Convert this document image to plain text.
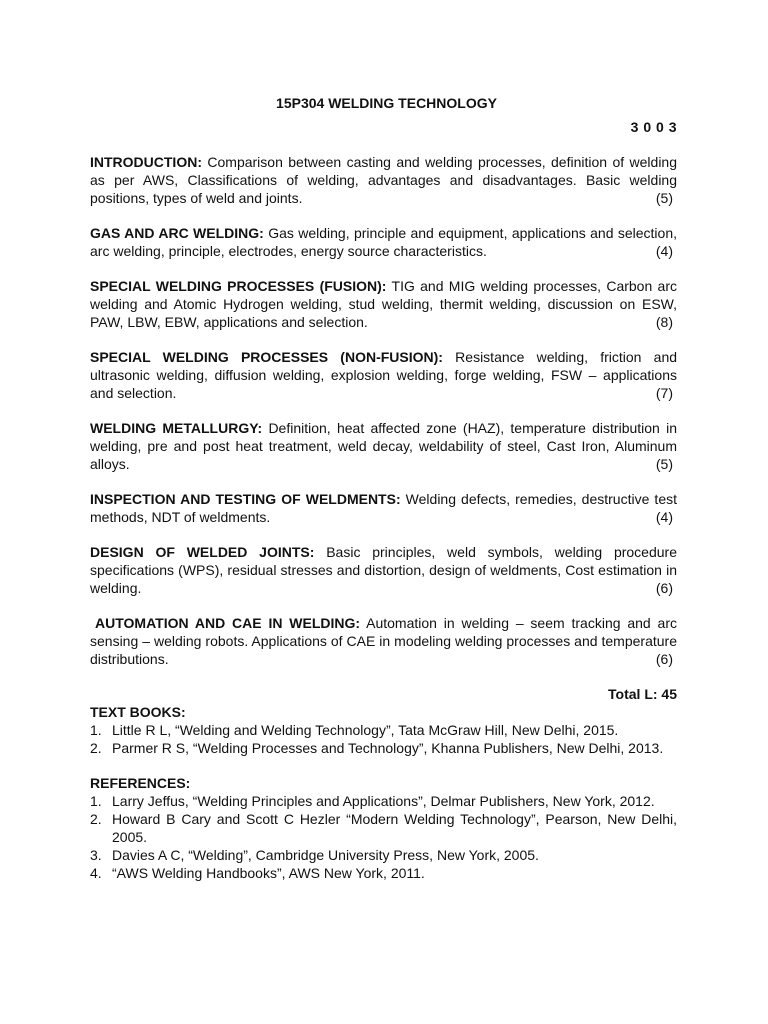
15P304 WELDING TECHNOLOGY

3 0 0 3

INTRODUCTION: Comparison between casting and welding processes, definition of welding as per AWS, Classifications of welding, advantages and disadvantages. Basic welding positions, types of weld and joints.	(5)

GAS AND ARC WELDING: Gas welding, principle and equipment, applications and selection, arc welding, principle, electrodes, energy source characteristics.	(4)

SPECIAL WELDING PROCESSES (FUSION): TIG and MIG welding processes, Carbon arc welding and Atomic Hydrogen welding, stud welding, thermit welding, discussion on ESW, PAW, LBW, EBW, applications and selection.	(8)

SPECIAL WELDING PROCESSES (NON-FUSION): Resistance welding, friction and ultrasonic welding, diffusion welding, explosion welding, forge welding, FSW – applications and selection.	(7)

WELDING METALLURGY: Definition, heat affected zone (HAZ), temperature distribution in welding, pre and post heat treatment, weld decay, weldability of steel, Cast Iron, Aluminum alloys.	(5)

INSPECTION AND TESTING OF WELDMENTS: Welding defects, remedies, destructive test methods, NDT of weldments.	(4)

DESIGN OF WELDED JOINTS: Basic principles, weld symbols, welding procedure specifications (WPS), residual stresses and distortion, design of weldments, Cost estimation in welding.	(6)

AUTOMATION AND CAE IN WELDING: Automation in welding – seem tracking and arc sensing – welding robots. Applications of CAE in modeling welding processes and temperature distributions.	(6)

Total L: 45

TEXT BOOKS:

1. Little R L, “Welding and Welding Technology”, Tata McGraw Hill, New Delhi, 2015.
2. Parmer R S, “Welding Processes and Technology”, Khanna Publishers, New Delhi, 2013.

REFERENCES:

1. Larry Jeffus, “Welding Principles and Applications”, Delmar Publishers, New York, 2012.
2. Howard B Cary and Scott C Hezler “Modern Welding Technology”, Pearson, New Delhi, 2005.
3. Davies A C, “Welding”, Cambridge University Press, New York, 2005.
4. “AWS Welding Handbooks”, AWS New York, 2011.
